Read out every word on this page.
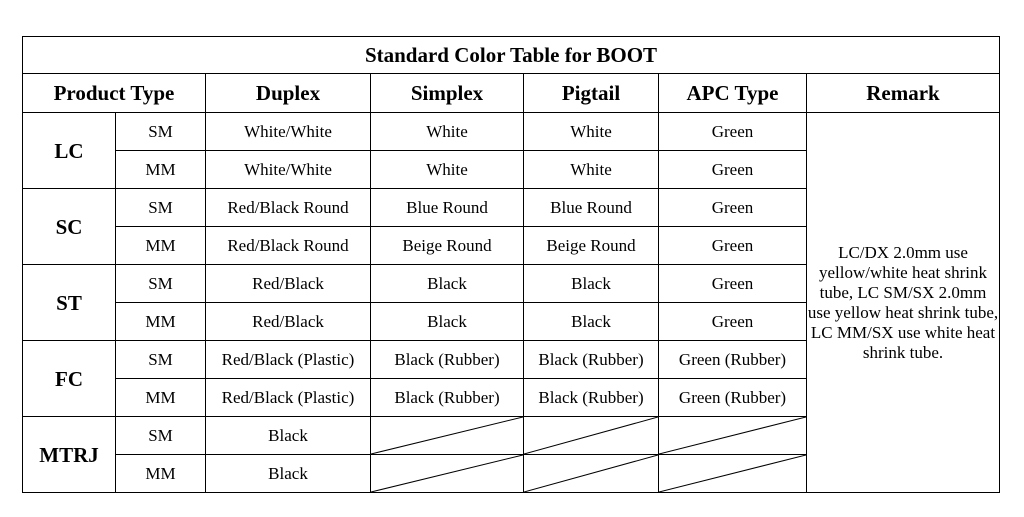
Standard Color Table for BOOT						
Product Type		Duplex	Simplex	Pigtail	APC Type	Remark
LC	SM	White/White	White	White	Green	LC/DX 2.0mm use yellow/white heat shrink tube, LC SM/SX 2.0mm use yellow heat shrink tube, LC MM/SX use white heat shrink tube.
	MM	White/White	White	White	Green	
SC	SM	Red/Black Round	Blue Round	Blue Round	Green	
	MM	Red/Black Round	Beige Round	Beige Round	Green	
ST	SM	Red/Black	Black	Black	Green	
	MM	Red/Black	Black	Black	Green	
FC	SM	Red/Black (Plastic)	Black (Rubber)	Black (Rubber)	Green (Rubber)	
	MM	Red/Black (Plastic)	Black (Rubber)	Black (Rubber)	Green (Rubber)	
MTRJ	SM	Black	

	MM	Black	
